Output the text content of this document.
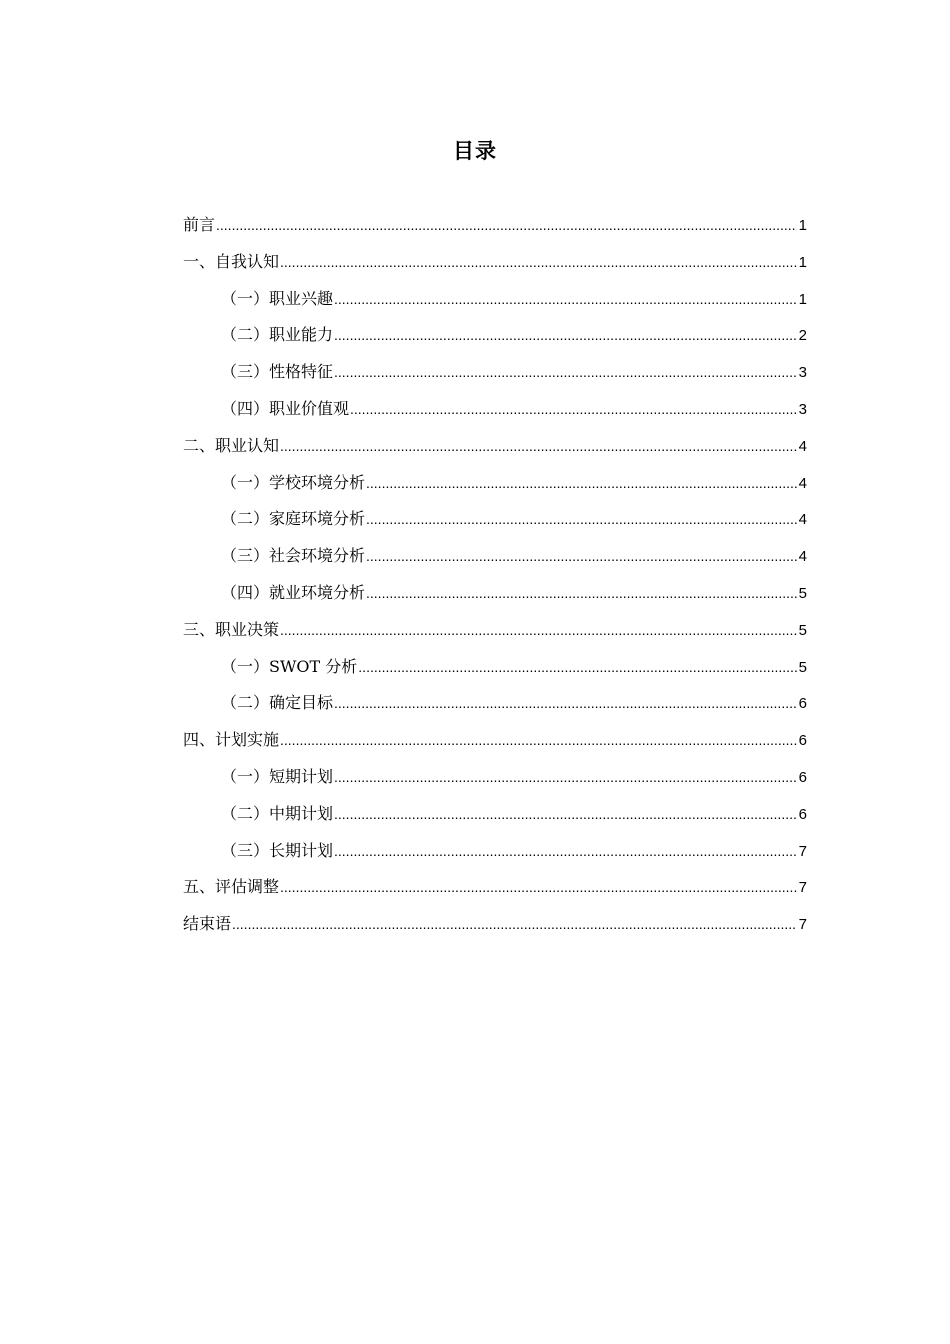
目录
前言 .....	1
一、自我认知 .....	1
（一）职业兴趣 .....	1
（二）职业能力 .....	2
（三）性格特征 .....	3
（四）职业价值观 .....	3
二、职业认知 .....	4
（一）学校环境分析 .....	4
（二）家庭环境分析 .....	4
（三）社会环境分析 .....	4
（四）就业环境分析 .....	5
三、职业决策 .....	5
（一）SWOT 分析 .....	5
（二）确定目标 .....	6
四、计划实施 .....	6
（一）短期计划 .....	6
（二）中期计划 .....	6
（三）长期计划 .....	7
五、评估调整 .....	7
结束语 .....	7
